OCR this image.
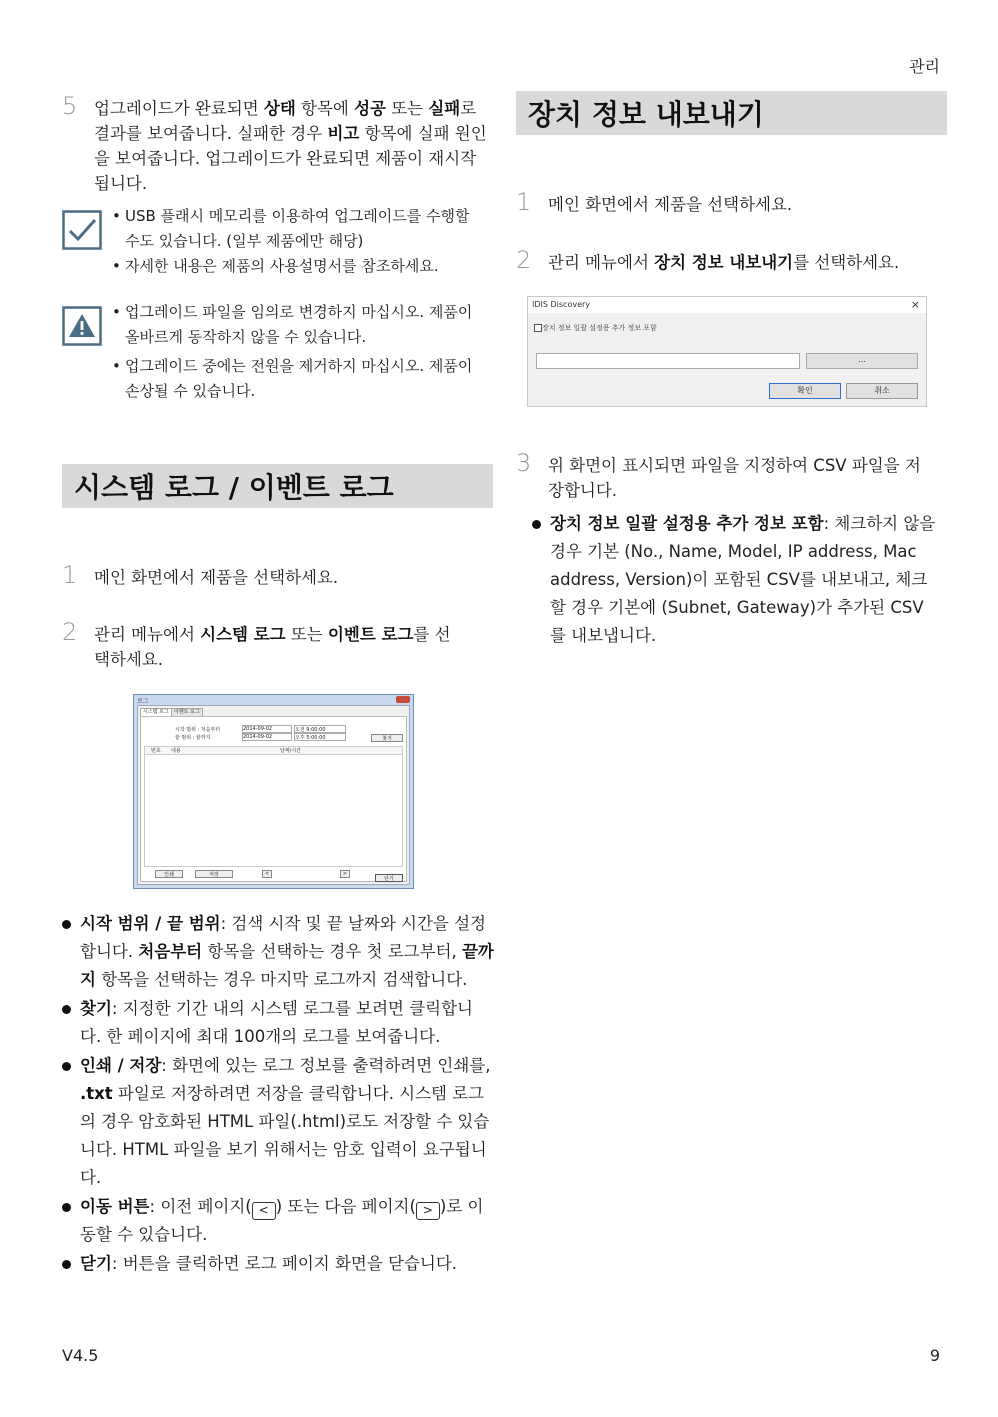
관리
V4.5	9
5 업그레이드가 완료되면 상태 항목에 성공 또는 실패로 결과를 보여줍니다. 실패한 경우 비고 항목에 실패 원인을 보여줍니다. 업그레이드가 완료되면 제품이 재시작됩니다.
• USB 플래시 메모리를 이용하여 업그레이드를 수행할 수도 있습니다. (일부 제품에만 해당)
• 자세한 내용은 제품의 사용설명서를 참조하세요.
• 업그레이드 파일을 임의로 변경하지 마십시오. 제품이 올바르게 동작하지 않을 수 있습니다.
• 업그레이드 중에는 전원을 제거하지 마십시오. 제품이 손상될 수 있습니다.
시스템 로그 / 이벤트 로그
1 메인 화면에서 제품을 선택하세요.
2 관리 메뉴에서 시스템 로그 또는 이벤트 로그를 선택하세요.
로그
시스템 로그	이벤트 로그
시작 범위 : 처음부터
끝 범위 : 끝까지
2014-09-02	오전 9:00:00
2014-09-02	오후 5:00:00	찾기
번호 내용	날짜/시간
인쇄	저장	<	>
닫기
시작 범위 / 끝 범위: 검색 시작 및 끝 날짜와 시간을 설정합니다. 처음부터 항목을 선택하는 경우 첫 로그부터, 끝까지 항목을 선택하는 경우 마지막 로그까지 검색합니다.
찾기: 지정한 기간 내의 시스템 로그를 보려면 클릭합니다. 한 페이지에 최대 100개의 로그를 보여줍니다.
인쇄 / 저장: 화면에 있는 로그 정보를 출력하려면 인쇄를, .txt 파일로 저장하려면 저장을 클릭합니다. 시스템 로그의 경우 암호화된 HTML 파일(.html)로도 저장할 수 있습니다. HTML 파일을 보기 위해서는 암호 입력이 요구됩니다.
이동 버튼: 이전 페이지( < ) 또는 다음 페이지( > )로 이동할 수 있습니다.
닫기: 버튼을 클릭하면 로그 페이지 화면을 닫습니다.
장치 정보 내보내기
1 메인 화면에서 제품을 선택하세요.
2 관리 메뉴에서 장치 정보 내보내기를 선택하세요.
IDIS Discovery	×
장치 정보 일괄 설정용 추가 정보 포함
...
확인	취소
3 위 화면이 표시되면 파일을 지정하여 CSV 파일을 저장합니다.
장치 정보 일괄 설정용 추가 정보 포함: 체크하지 않을 경우 기본 (No., Name, Model, IP address, Mac address, Version)이 포함된 CSV를 내보내고, 체크할 경우 기본에 (Subnet, Gateway)가 추가된 CSV를 내보냅니다.
